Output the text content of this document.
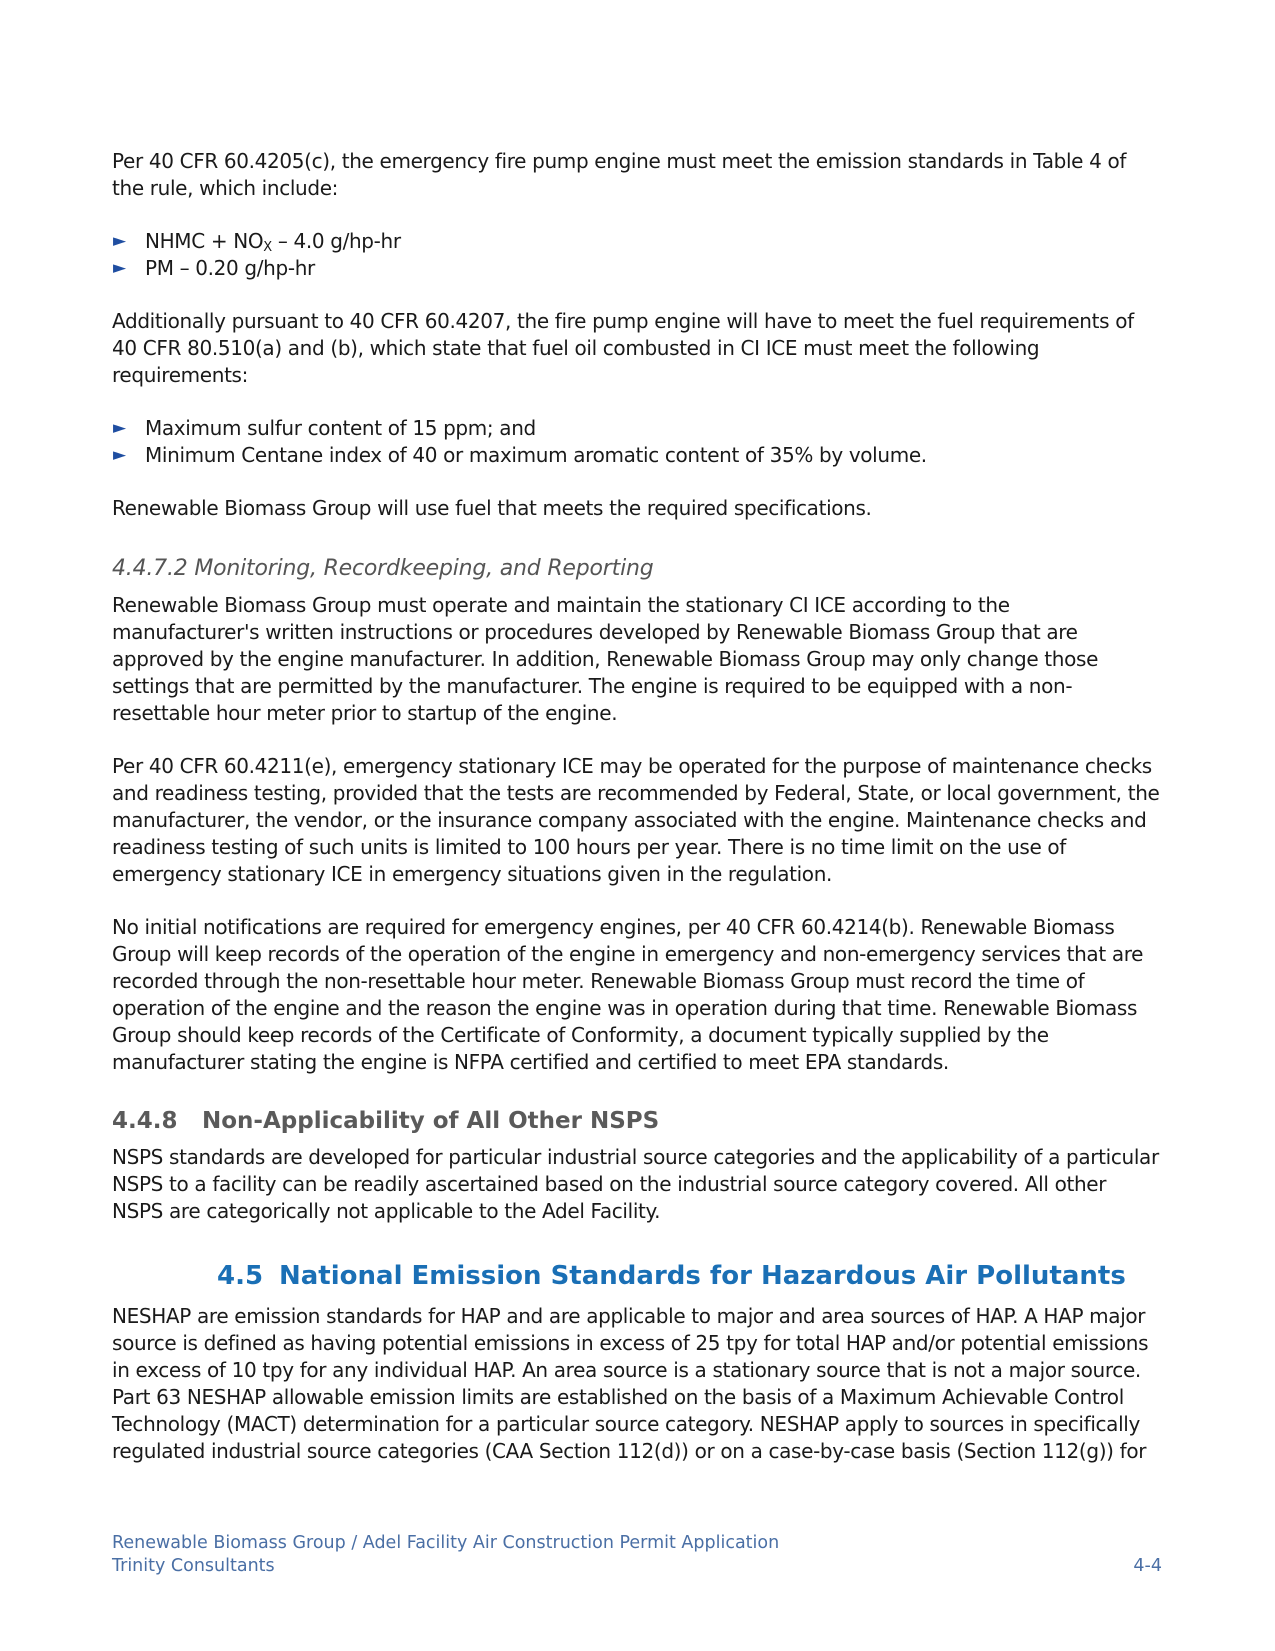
Per 40 CFR 60.4205(c), the emergency fire pump engine must meet the emission standards in Table 4 of the rule, which include:

► NHMC + $NO_X - 4.0$ g/hp-hr
► PM – 0.20 g/hp-hr

Additionally pursuant to 40 CFR 60.4207, the fire pump engine will have to meet the fuel requirements of 40 CFR 80.510(a) and (b), which state that fuel oil combusted in CI ICE must meet the following requirements:

► Maximum sulfur content of 15 ppm; and
► Minimum Centane index of 40 or maximum aromatic content of 35% by volume.

Renewable Biomass Group will use fuel that meets the required specifications.

4.4.7.2 Monitoring, Recordkeeping, and Reporting

Renewable Biomass Group must operate and maintain the stationary CI ICE according to the manufacturer's written instructions or procedures developed by Renewable Biomass Group that are approved by the engine manufacturer. In addition, Renewable Biomass Group may only change those settings that are permitted by the manufacturer. The engine is required to be equipped with a non-resettable hour meter prior to startup of the engine.

Per 40 CFR 60.4211(e), emergency stationary ICE may be operated for the purpose of maintenance checks and readiness testing, provided that the tests are recommended by Federal, State, or local government, the manufacturer, the vendor, or the insurance company associated with the engine. Maintenance checks and readiness testing of such units is limited to 100 hours per year. There is no time limit on the use of emergency stationary ICE in emergency situations given in the regulation.

No initial notifications are required for emergency engines, per 40 CFR 60.4214(b). Renewable Biomass Group will keep records of the operation of the engine in emergency and non-emergency services that are recorded through the non-resettable hour meter. Renewable Biomass Group must record the time of operation of the engine and the reason the engine was in operation during that time. Renewable Biomass Group should keep records of the Certificate of Conformity, a document typically supplied by the manufacturer stating the engine is NFPA certified and certified to meet EPA standards.

4.4.8 Non-Applicability of All Other NSPS

NSPS standards are developed for particular industrial source categories and the applicability of a particular NSPS to a facility can be readily ascertained based on the industrial source category covered. All other NSPS are categorically not applicable to the Adel Facility.

4.5 National Emission Standards for Hazardous Air Pollutants

NESHAP are emission standards for HAP and are applicable to major and area sources of HAP. A HAP major source is defined as having potential emissions in excess of 25 tpy for total HAP and/or potential emissions in excess of 10 tpy for any individual HAP. An area source is a stationary source that is not a major source. Part 63 NESHAP allowable emission limits are established on the basis of a Maximum Achievable Control Technology (MACT) determination for a particular source category. NESHAP apply to sources in specifically regulated industrial source categories (CAA Section 112(d)) or on a case-by-case basis (Section 112(g)) for

Renewable Biomass Group / Adel Facility Air Construction Permit Application
Trinity Consultants	4-4
